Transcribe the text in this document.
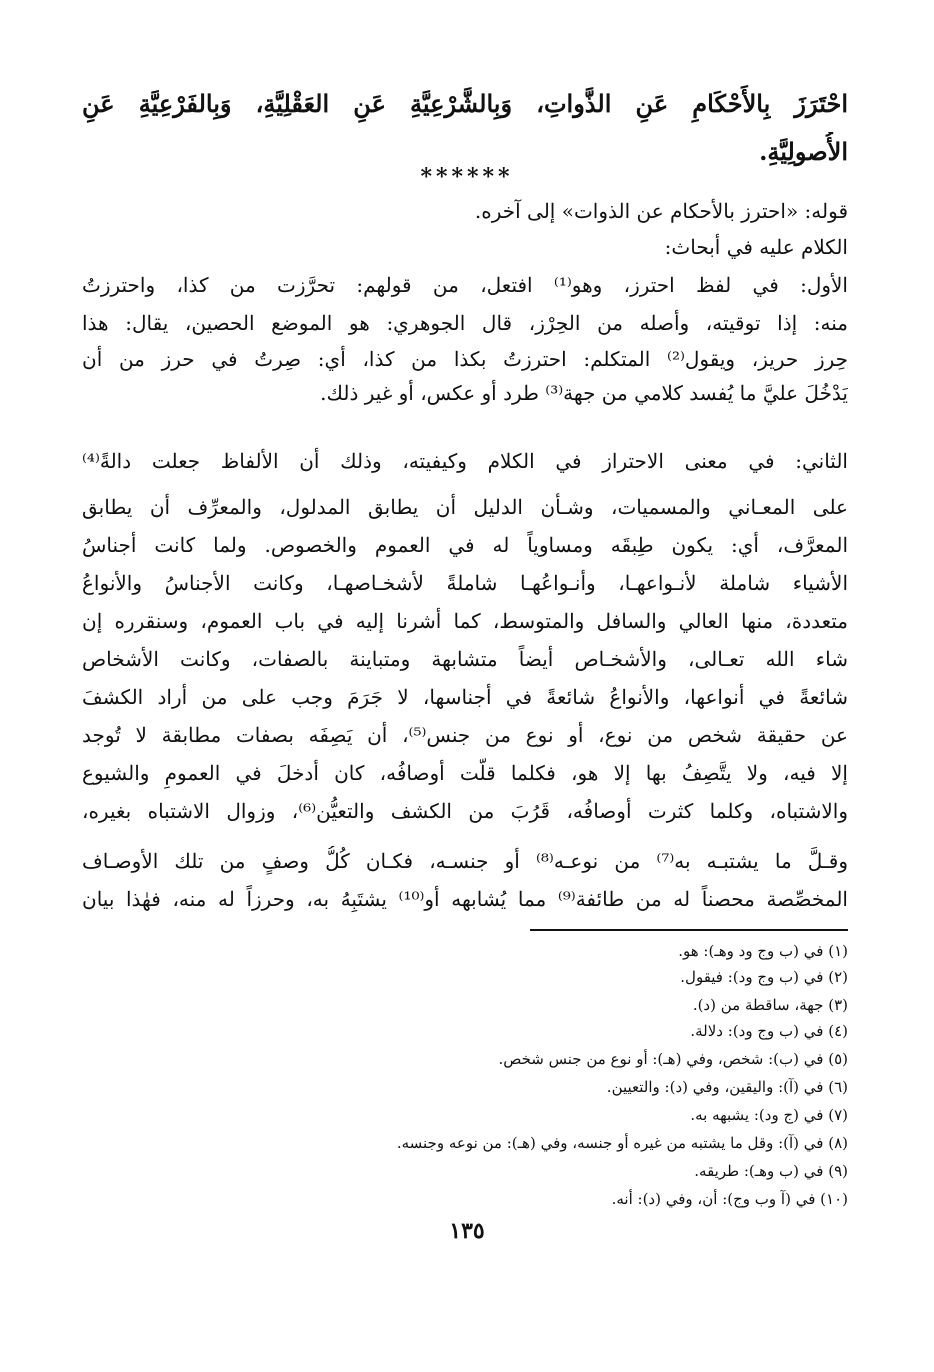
احْتَرَزَ بِالأَحْكَامِ عَنِ الذَّواتِ، وَبِالشَّرْعِيَّةِ عَنِ العَقْلِيَّةِ، وَبِالفَرْعِيَّةِ عَنِ
الأُصولِيَّةِ.
******
قوله: «احترز بالأحكام عن الذوات» إلى آخره.
الكلام عليه في أبحاث:
الأول: في لفظ احترز، وهو⁽¹⁾ افتعل، من قولهم: تحرَّزت من كذا، واحترزتُ
منه: إذا توقيته، وأصله من الحِرْز، قال الجوهري: هو الموضع الحصين، يقال: هذا
حِرز حريز، ويقول⁽²⁾ المتكلم: احترزتُ بكذا من كذا، أي: صِرتُ في حرز من أن
يَدْخُلَ عليَّ ما يُفسد كلامي من جهة⁽³⁾ طرد أو عكس، أو غير ذلك.
الثاني: في معنى الاحتراز في الكلام وكيفيته، وذلك أن الألفاظ جعلت دالةً⁽⁴⁾
على المعـاني والمسميات، وشـأن الدليل أن يطابق المدلول، والمعرِّف أن يطابق
المعرَّف، أي: يكون طِبقَه ومساوياً له في العموم والخصوص. ولما كانت أجناسُ
الأشياء شاملة لأنـواعهـا، وأنـواعُهـا شاملةً لأشخـاصهـا، وكانت الأجناسُ والأنواعُ
متعددة، منها العالي والسافل والمتوسط، كما أشرنا إليه في باب العموم، وسنقرره إن
شاء الله تعـالى، والأشخـاص أيضاً متشابهة ومتباينة بالصفات، وكانت الأشخاص
شائعةً في أنواعها، والأنواعُ شائعةً في أجناسها، لا جَرَمَ وجب على من أراد الكشفَ
عن حقيقة شخص من نوع، أو نوع من جنس⁽⁵⁾، أن يَصِفَه بصفات مطابقة لا تُوجد
إلا فيه، ولا يتَّصِفُ بها إلا هو، فكلما قلَّت أوصافُه، كان أدخلَ في العمومِ والشيوع
والاشتباه، وكلما كثرت أوصافُه، قَرُبَ من الكشف والتعيُّن⁽⁶⁾، وزوال الاشتباه بغيره،
وقـلَّ ما يشتبـه به⁽⁷⁾ من نوعـه⁽⁸⁾ أو جنسـه، فكـان كُلُّ وصفٍ من تلك الأوصـاف
المخصِّصة محصناً له من طائفة⁽⁹⁾ مما يُشابهه أو⁽¹⁰⁾ يشتَبِهُ به، وحرزاً له منه، فهٰذا بيان
(١) في (ب وج ود وهـ): هو.
(٢) في (ب وج ود): فيقول.
(٣) جهة، ساقطة من (د).
(٤) في (ب وج ود): دلالة.
(٥) في (ب): شخص، وفي (هـ): أو نوع من جنس شخص.
(٦) في (آ): واليقين، وفي (د): والتعيين.
(٧) في (ج ود): يشبهه به.
(٨) في (آ): وقل ما يشتبه من غيره أو جنسه، وفي (هـ): من نوعه وجنسه.
(٩) في (ب وهـ): طريقه.
(١٠) في (آ وب وج): أن، وفي (د): أنه.
١٣٥
